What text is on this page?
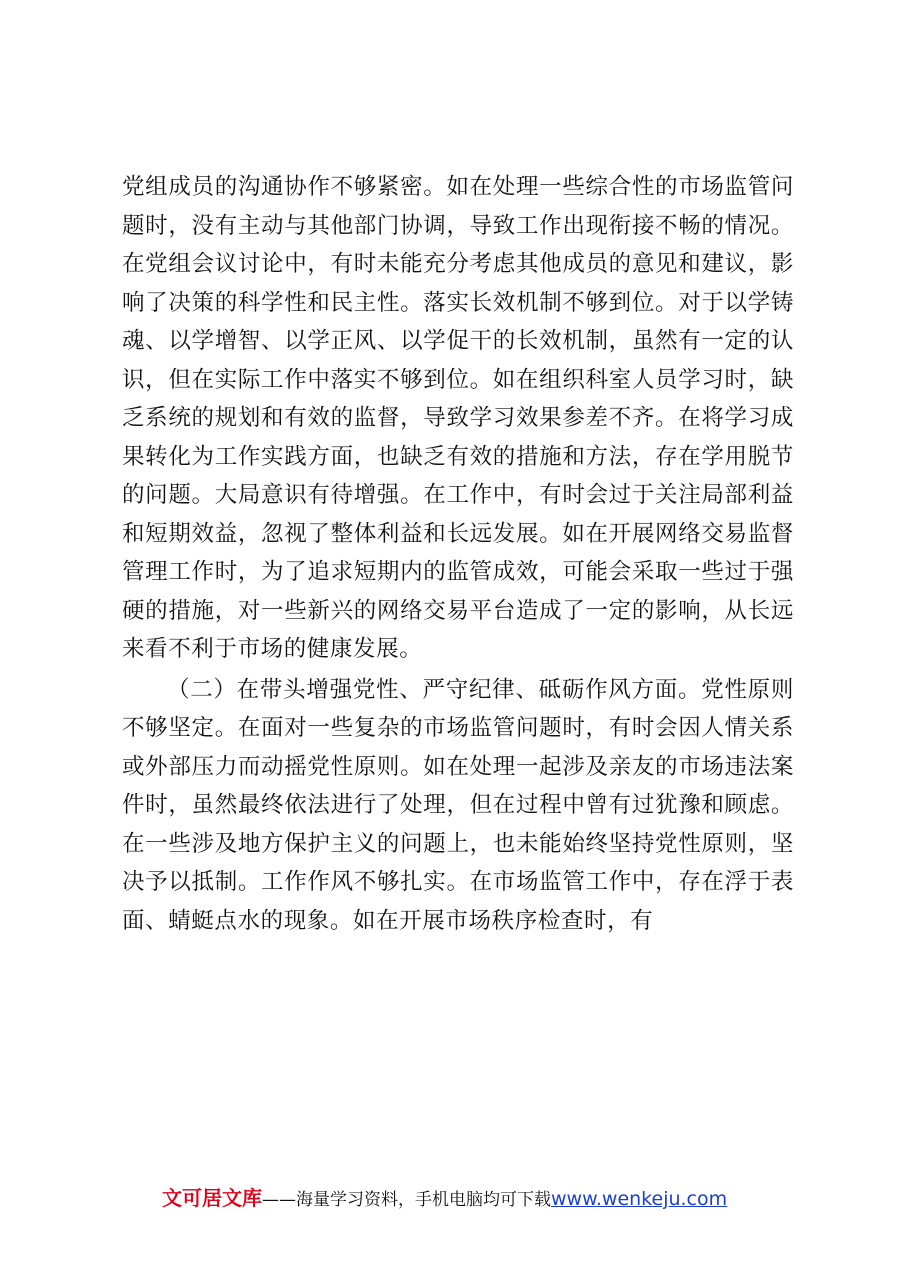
党组成员的沟通协作不够紧密。如在处理一些综合性的市场监管问题时，没有主动与其他部门协调，导致工作出现衔接不畅的情况。在党组会议讨论中，有时未能充分考虑其他成员的意见和建议，影响了决策的科学性和民主性。落实长效机制不够到位。对于以学铸魂、以学增智、以学正风、以学促干的长效机制，虽然有一定的认识，但在实际工作中落实不够到位。如在组织科室人员学习时，缺乏系统的规划和有效的监督，导致学习效果参差不齐。在将学习成果转化为工作实践方面，也缺乏有效的措施和方法，存在学用脱节的问题。大局意识有待增强。在工作中，有时会过于关注局部利益和短期效益，忽视了整体利益和长远发展。如在开展网络交易监督管理工作时，为了追求短期内的监管成效，可能会采取一些过于强硬的措施，对一些新兴的网络交易平台造成了一定的影响，从长远来看不利于市场的健康发展。

（二）在带头增强党性、严守纪律、砥砺作风方面。党性原则不够坚定。在面对一些复杂的市场监管问题时，有时会因人情关系或外部压力而动摇党性原则。如在处理一起涉及亲友的市场违法案件时，虽然最终依法进行了处理，但在过程中曾有过犹豫和顾虑。在一些涉及地方保护主义的问题上，也未能始终坚持党性原则，坚决予以抵制。工作作风不够扎实。在市场监管工作中，存在浮于表面、蜻蜓点水的现象。如在开展市场秩序检查时，有

文可居文库 ——海量学习资料，手机电脑均可下载 www.wenkeju.com
